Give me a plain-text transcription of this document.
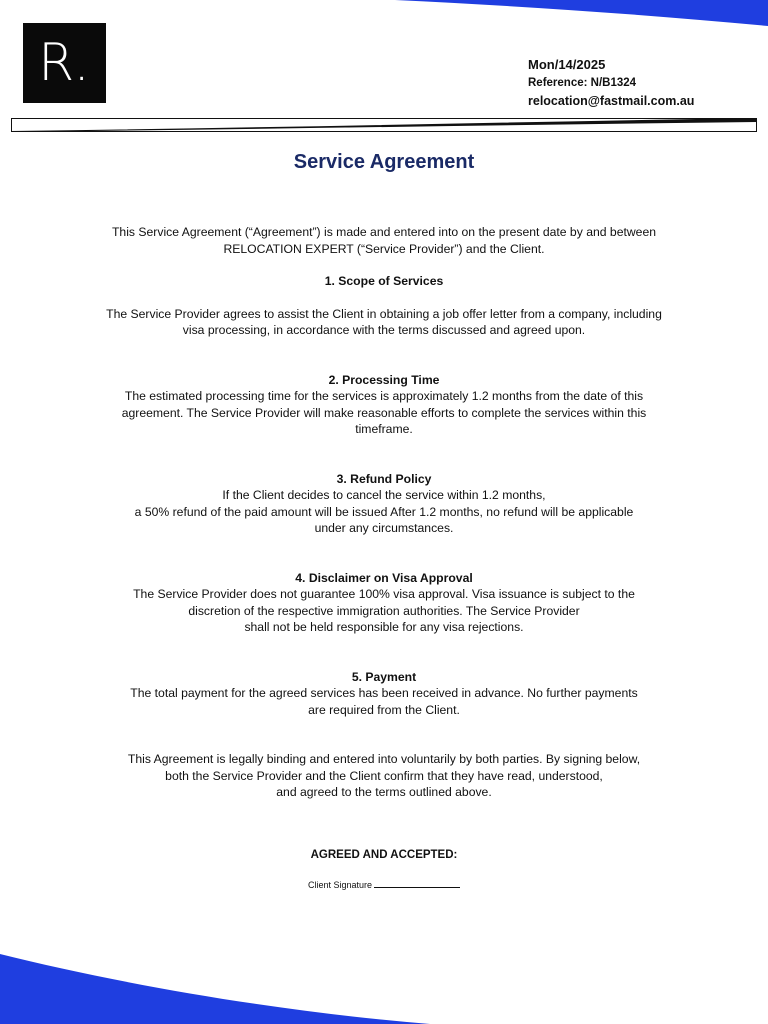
R.	Mon/14/2025
Reference: N/B1324
relocation@fastmail.com.au
Service Agreement

This Service Agreement (“Agreement”) is made and entered into on the present date by and between

RELOCATION EXPERT (“Service Provider”) and the Client.

1. Scope of Services

The Service Provider agrees to assist the Client in obtaining a job offer letter from a company, including

visa processing, in accordance with the terms discussed and agreed upon.

2. Processing Time

The estimated processing time for the services is approximately 1.2 months from the date of this

agreement. The Service Provider will make reasonable efforts to complete the services within this

timeframe.

3. Refund Policy

If the Client decides to cancel the service within 1.2 months,

a 50% refund of the paid amount will be issued After 1.2 months, no refund will be applicable

under any circumstances.

4. Disclaimer on Visa Approval

The Service Provider does not guarantee 100% visa approval. Visa issuance is subject to the

discretion of the respective immigration authorities. The Service Provider

shall not be held responsible for any visa rejections.

5. Payment

The total payment for the agreed services has been received in advance. No further payments

are required from the Client.

This Agreement is legally binding and entered into voluntarily by both parties. By signing below,

both the Service Provider and the Client confirm that they have read, understood,

and agreed to the terms outlined above.

AGREED AND ACCEPTED:
Client Signature
